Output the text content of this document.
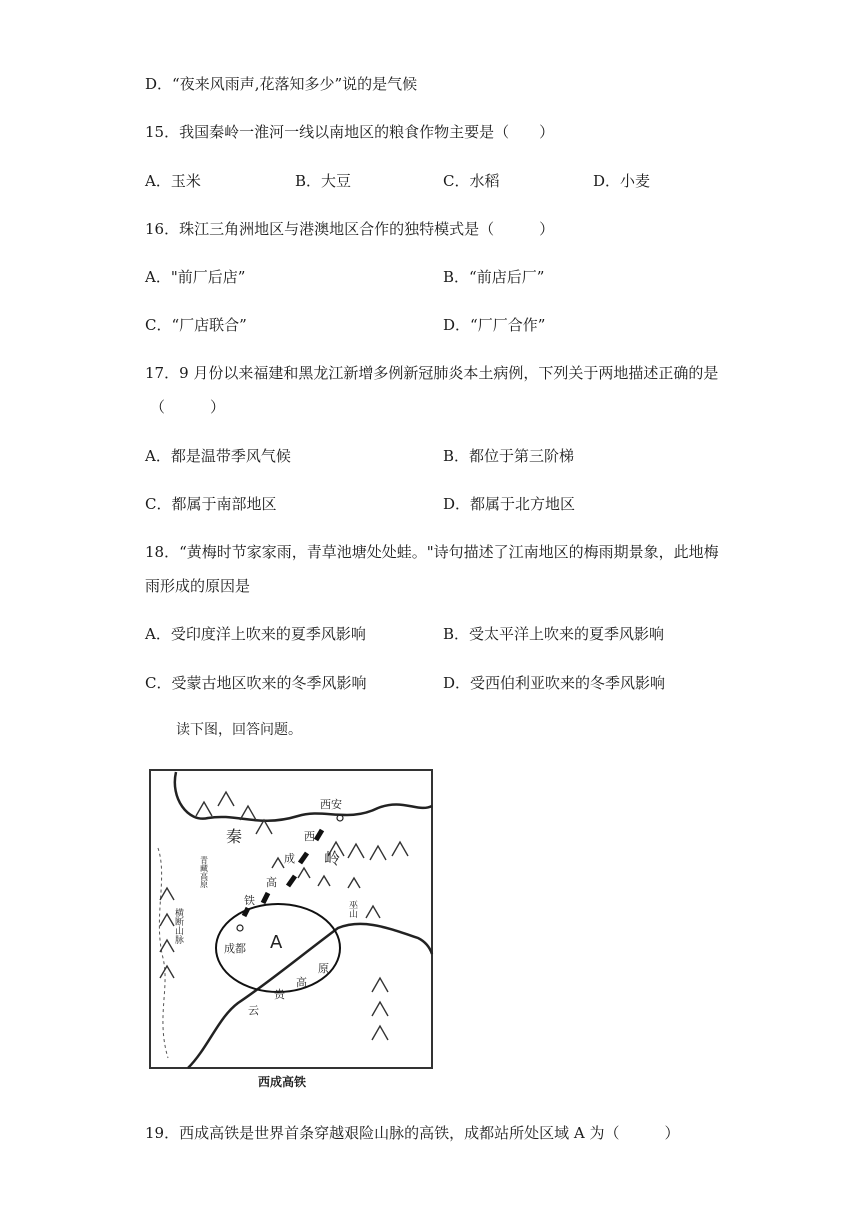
D．“夜来风雨声,花落知多少”说的是气候
15．我国秦岭一淮河一线以南地区的粮食作物主要是（　　）
A．玉米	B．大豆	C．水稻	D．小麦
16．珠江三角洲地区与港澳地区合作的独特模式是（　　　）
A．"前厂后店”	B．“前店后厂”
C．“厂店联合”	D．“厂厂合作”
17．9 月份以来福建和黑龙江新增多例新冠肺炎本土病例，下列关于两地描述正确的是
（　　　）
A．都是温带季风气候	B．都位于第三阶梯
C．都属于南部地区	D．都属于北方地区
18．“黄梅时节家家雨，青草池塘处处蛙。"诗句描述了江南地区的梅雨期景象，此地梅
雨形成的原因是
A．受印度洋上吹来的夏季风影响	B．受太平洋上吹来的夏季风影响
C．受蒙古地区吹来的冬季风影响	D．受西伯利亚吹来的冬季风影响
读下图，回答问题。
西安
秦
岭
西
成
高
铁
成都 A
青藏高原
横断山脉	巫山
原
高
贵
云
西成高铁
19．西成高铁是世界首条穿越艰险山脉的高铁，成都站所处区域 A 为（　　　）
